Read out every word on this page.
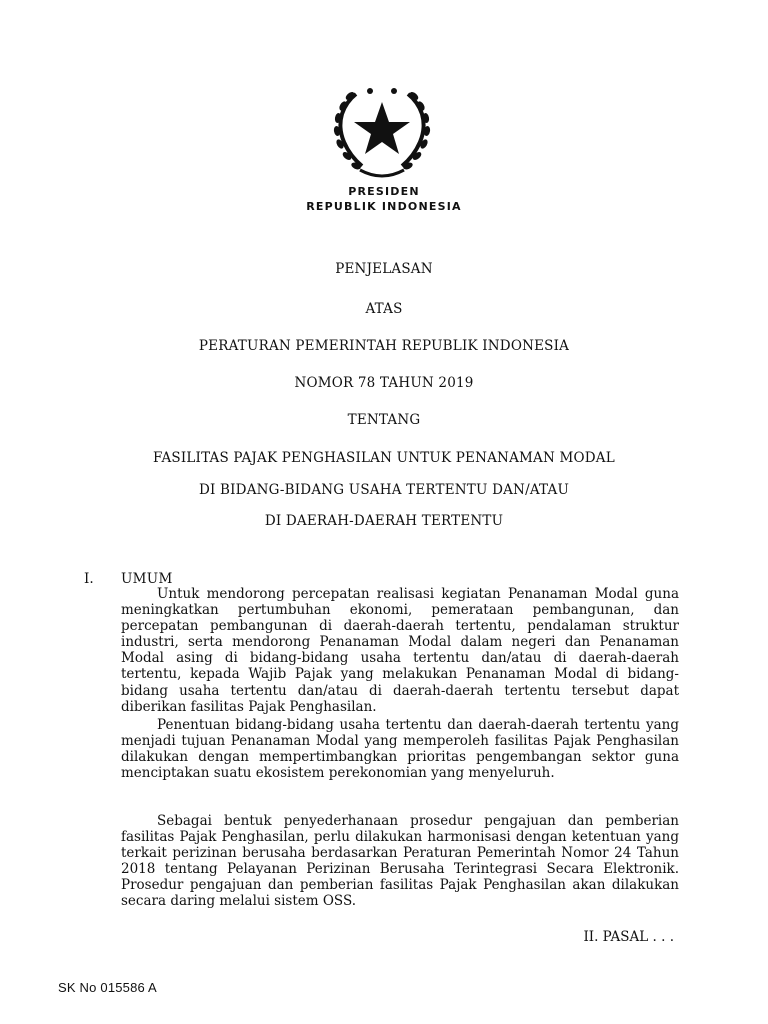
PRESIDEN
REPUBLIK INDONESIA
PENJELASAN
ATAS
PERATURAN PEMERINTAH REPUBLIK INDONESIA
NOMOR 78 TAHUN 2019
TENTANG
FASILITAS PAJAK PENGHASILAN UNTUK PENANAMAN MODAL
DI BIDANG-BIDANG USAHA TERTENTU DAN/ATAU
DI DAERAH-DAERAH TERTENTU
I. UMUM
Untuk mendorong percepatan realisasi kegiatan Penanaman Modal guna meningkatkan pertumbuhan ekonomi, pemerataan pembangunan, dan percepatan pembangunan di daerah-daerah tertentu, pendalaman struktur industri, serta mendorong Penanaman Modal dalam negeri dan Penanaman Modal asing di bidang-bidang usaha tertentu dan/atau di daerah-daerah tertentu, kepada Wajib Pajak yang melakukan Penanaman Modal di bidang-bidang usaha tertentu dan/atau di daerah-daerah tertentu tersebut dapat diberikan fasilitas Pajak Penghasilan.
Penentuan bidang-bidang usaha tertentu dan daerah-daerah tertentu yang menjadi tujuan Penanaman Modal yang memperoleh fasilitas Pajak Penghasilan dilakukan dengan mempertimbangkan prioritas pengembangan sektor guna menciptakan suatu ekosistem perekonomian yang menyeluruh.
Sebagai bentuk penyederhanaan prosedur pengajuan dan pemberian fasilitas Pajak Penghasilan, perlu dilakukan harmonisasi dengan ketentuan yang terkait perizinan berusaha berdasarkan Peraturan Pemerintah Nomor 24 Tahun 2018 tentang Pelayanan Perizinan Berusaha Terintegrasi Secara Elektronik. Prosedur pengajuan dan pemberian fasilitas Pajak Penghasilan akan dilakukan secara daring melalui sistem OSS.
II. PASAL . . .
SK No 015586 A
